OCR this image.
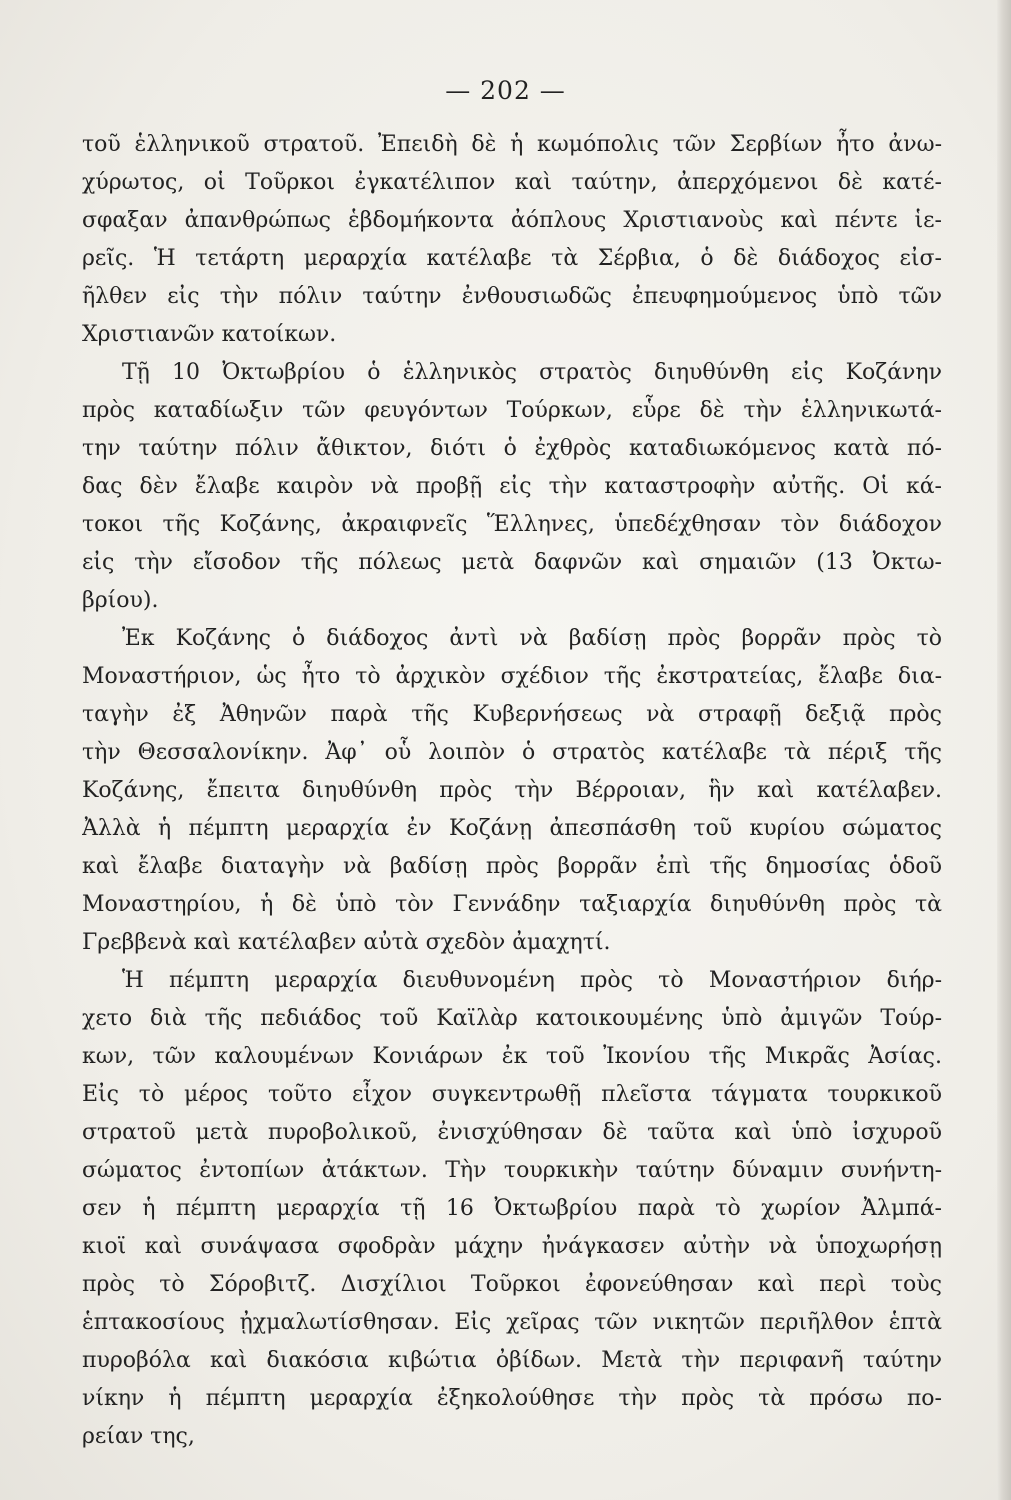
— 202 —
τοῦ ἑλληνικοῦ στρατοῦ. Ἐπειδὴ δὲ ἡ κωμόπολις τῶν Σερβίων ἦτο ἀνω-
χύρωτος, οἱ Τοῦρκοι ἐγκατέλιπον καὶ ταύτην, ἀπερχόμενοι δὲ κατέ-
σφαξαν ἀπανθρώπως ἑβδομήκοντα ἀόπλους Χριστιανοὺς καὶ πέντε ἱε-
ρεῖς. Ἡ τετάρτη μεραρχία κατέλαβε τὰ Σέρβια, ὁ δὲ διάδοχος εἰσ-
ῆλθεν εἰς τὴν πόλιν ταύτην ἐνθουσιωδῶς ἐπευφημούμενος ὑπὸ τῶν
Χριστιανῶν κατοίκων.
Τῇ 10 Ὀκτωβρίου ὁ ἑλληνικὸς στρατὸς διηυθύνθη εἰς Κοζάνην
πρὸς καταδίωξιν τῶν φευγόντων Τούρκων, εὗρε δὲ τὴν ἑλληνικωτά-
την ταύτην πόλιν ἄθικτον, διότι ὁ ἐχθρὸς καταδιωκόμενος κατὰ πό-
δας δὲν ἔλαβε καιρὸν νὰ προβῇ εἰς τὴν καταστροφὴν αὐτῆς. Οἱ κά-
τοκοι τῆς Κοζάνης, ἀκραιφνεῖς Ἕλληνες, ὑπεδέχθησαν τὸν διάδοχον
εἰς τὴν εἴσοδον τῆς πόλεως μετὰ δαφνῶν καὶ σημαιῶν (13 Ὀκτω-
βρίου).
Ἐκ Κοζάνης ὁ διάδοχος ἀντὶ νὰ βαδίσῃ πρὸς βορρᾶν πρὸς τὸ
Μοναστήριον, ὡς ἦτο τὸ ἀρχικὸν σχέδιον τῆς ἐκστρατείας, ἔλαβε δια-
ταγὴν ἐξ Ἀθηνῶν παρὰ τῆς Κυβερνήσεως νὰ στραφῇ δεξιᾷ πρὸς
τὴν Θεσσαλονίκην. Ἀφ᾽ οὗ λοιπὸν ὁ στρατὸς κατέλαβε τὰ πέριξ τῆς
Κοζάνης, ἔπειτα διηυθύνθη πρὸς τὴν Βέρροιαν, ἣν καὶ κατέλαβεν.
Ἀλλὰ ἡ πέμπτη μεραρχία ἐν Κοζάνῃ ἀπεσπάσθη τοῦ κυρίου σώματος
καὶ ἔλαβε διαταγὴν νὰ βαδίσῃ πρὸς βορρᾶν ἐπὶ τῆς δημοσίας ὁδοῦ
Μοναστηρίου, ἡ δὲ ὑπὸ τὸν Γεννάδην ταξιαρχία διηυθύνθη πρὸς τὰ
Γρεββενὰ καὶ κατέλαβεν αὐτὰ σχεδὸν ἀμαχητί.
Ἡ πέμπτη μεραρχία διευθυνομένη πρὸς τὸ Μοναστήριον διήρ-
χετο διὰ τῆς πεδιάδος τοῦ Καϊλὰρ κατοικουμένης ὑπὸ ἀμιγῶν Τούρ-
κων, τῶν καλουμένων Κονιάρων ἐκ τοῦ Ἰκονίου τῆς Μικρᾶς Ἀσίας.
Εἰς τὸ μέρος τοῦτο εἶχον συγκεντρωθῇ πλεῖστα τάγματα τουρκικοῦ
στρατοῦ μετὰ πυροβολικοῦ, ἐνισχύθησαν δὲ ταῦτα καὶ ὑπὸ ἰσχυροῦ
σώματος ἐντοπίων ἀτάκτων. Τὴν τουρκικὴν ταύτην δύναμιν συνήντη-
σεν ἡ πέμπτη μεραρχία τῇ 16 Ὀκτωβρίου παρὰ τὸ χωρίον Ἀλμπά-
κιοϊ καὶ συνάψασα σφοδρὰν μάχην ἠνάγκασεν αὐτὴν νὰ ὑποχωρήσῃ
πρὸς τὸ Σόροβιτζ. Δισχίλιοι Τοῦρκοι ἐφονεύθησαν καὶ περὶ τοὺς
ἑπτακοσίους ᾐχμαλωτίσθησαν. Εἰς χεῖρας τῶν νικητῶν περιῆλθον ἑπτὰ
πυροβόλα καὶ διακόσια κιβώτια ὀβίδων. Μετὰ τὴν περιφανῆ ταύτην
νίκην ἡ πέμπτη μεραρχία ἐξηκολούθησε τὴν πρὸς τὰ πρόσω πο-
ρείαν της,
